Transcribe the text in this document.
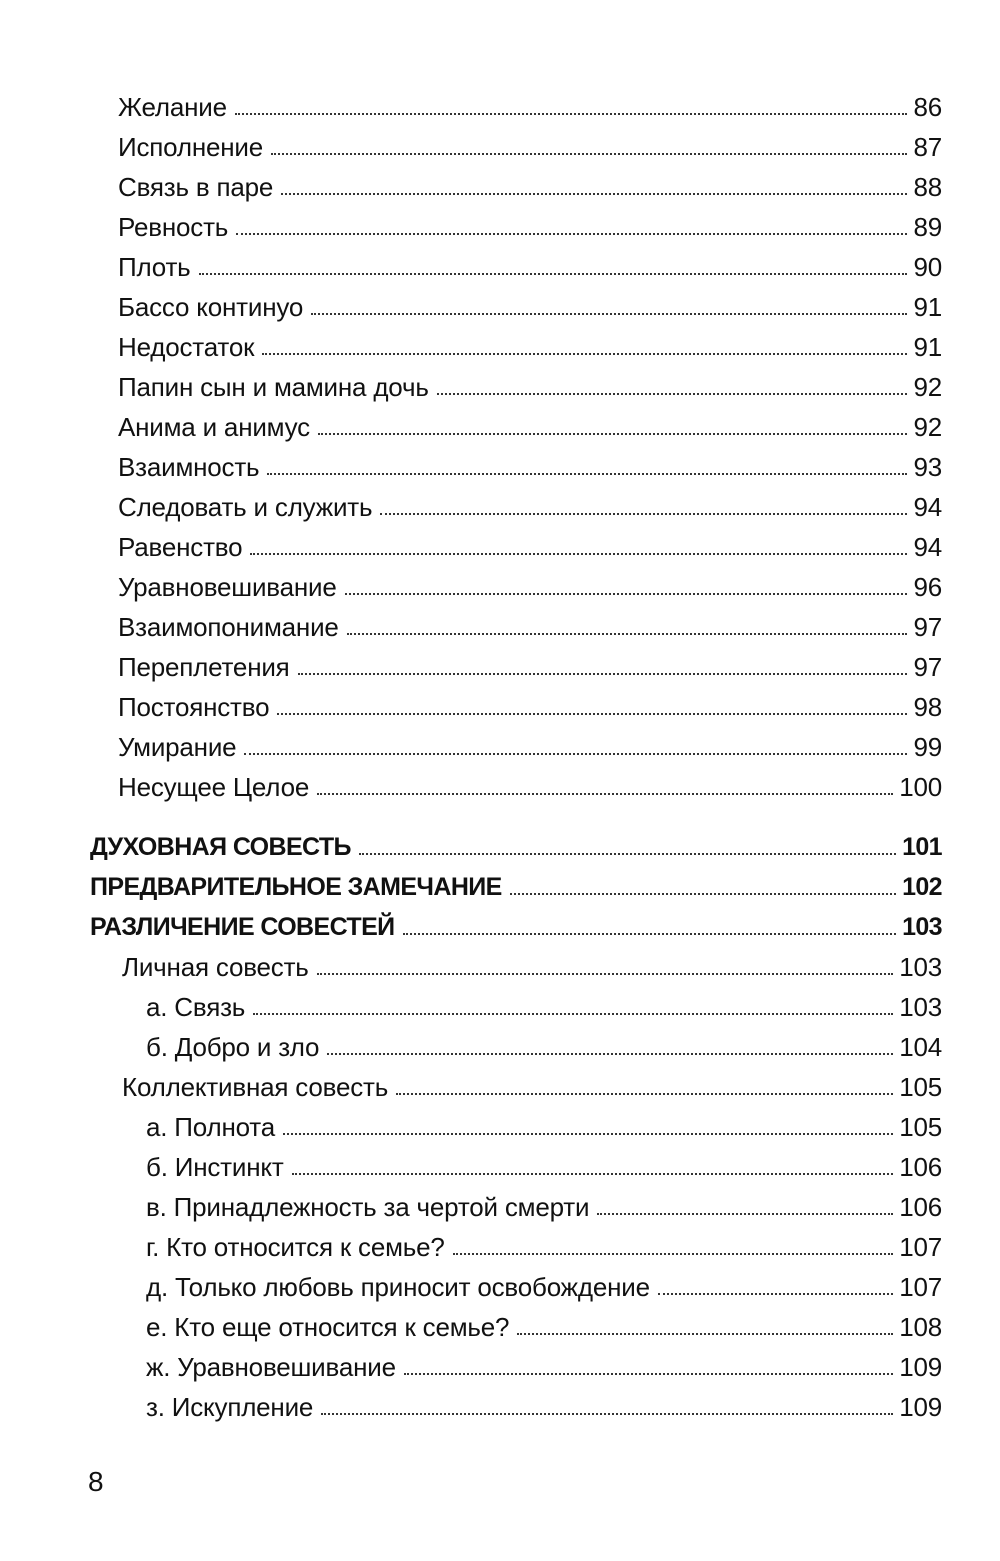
Желание	86
Исполнение	87
Связь в паре	88
Ревность	89
Плоть	90
Бассо континуо	91
Недостаток	91
Папин сын и мамина дочь	92
Анима и анимус	92
Взаимность	93
Следовать и служить	94
Равенство	94
Уравновешивание	96
Взаимопонимание	97
Переплетения	97
Постоянство	98
Умирание	99
Несущее Целое	100
ДУХОВНАЯ СОВЕСТЬ	101
ПРЕДВАРИТЕЛЬНОЕ ЗАМЕЧАНИЕ	102
РАЗЛИЧЕНИЕ СОВЕСТЕЙ	103
Личная совесть	103
а. Связь	103
б. Добро и зло	104
Коллективная совесть	105
а. Полнота	105
б. Инстинкт	106
в. Принадлежность за чертой смерти	106
г. Кто относится к семье?	107
д. Только любовь приносит освобождение	107
е. Кто еще относится к семье?	108
ж. Уравновешивание	109
з. Искупление	109
8
